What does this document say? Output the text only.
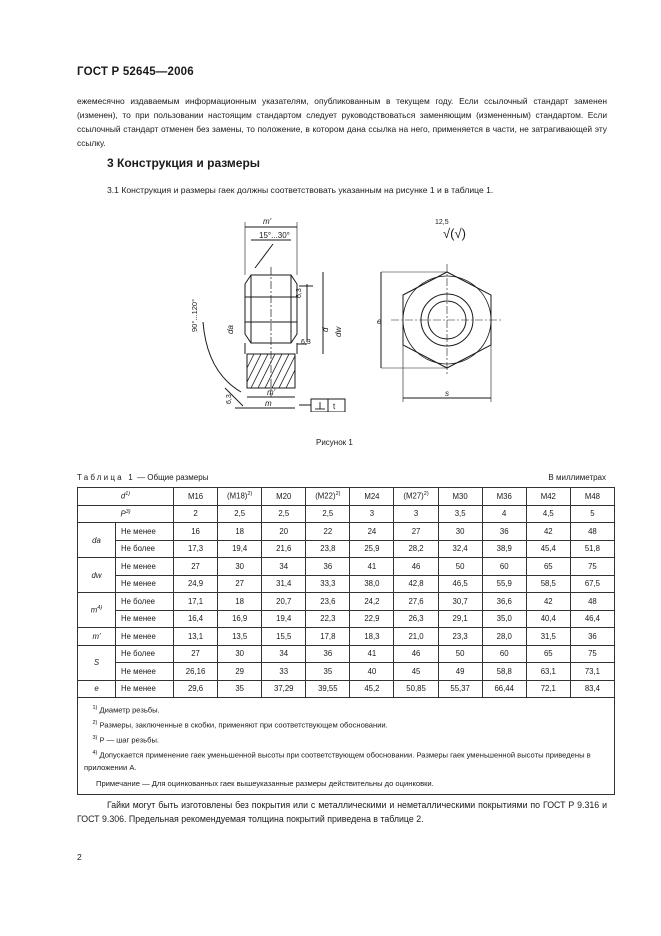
ГОСТ Р 52645—2006
ежемесячно издаваемым информационным указателям, опубликованным в текущем году. Если ссылочный стандарт заменен (изменен), то при пользовании настоящим стандартом следует руководствоваться заменяющим (измененным) стандартом. Если ссылочный стандарт отменен без замены, то положение, в котором дана ссылка на него, применяется в части, не затрагивающей эту ссылку.
3 Конструкция и размеры
3.1 Конструкция и размеры гаек должны соответствовать указанным на рисунке 1 и в таблице 1.
m'
15°...30°
12,5
√(√)
90°...120°
6,3
6,3
6,3
dа	d dw
e
s
m'
m	t
Рисунок 1
Таблица 1 — Общие размеры	В миллиметрах
$d^{1)}$		М16	$(М18)^{2)}$	М20	$(М22)^{2)}$	М24	$(М27)^{2)}$	М30	М36	М42	М48
$P^{3)}$		2	2,5	2,5	2,5	3	3	3,5	4	4,5	5
da	Не менее	16	18	20	22	24	27	30	36	42	48
	Не более	17,3	19,4	21,6	23,8	25,9	28,2	32,4	38,9	45,4	51,8
dw	Не менее	27	30	34	36	41	46	50	60	65	75
	Не менее	24,9	27	31,4	33,3	38,0	42,8	46,5	55,9	58,5	67,5
$m^{4)}$	Не более	17,1	18	20,7	23,6	24,2	27,6	30,7	36,6	42	48
	Не менее	16,4	16,9	19,4	22,3	22,9	26,3	29,1	35,0	40,4	46,4
m'	Не менее	13,1	13,5	15,5	17,8	18,3	21,0	23,3	28,0	31,5	36
S	Не более	27	30	34	36	41	46	50	60	65	75
	Не менее	26,16	29	33	35	40	45	49	58,8	63,1	73,1
e	Не менее	29,6	35	37,29	39,55	45,2	50,85	55,37	66,44	72,1	83,4

$^{1)}$ Диаметр резьбы.
$^{2)}$ Размеры, заключенные в скобки, применяют при соответствующем обосновании.
$^{3)}$ P — шаг резьбы.
$^{4)}$ Допускается применение гаек уменьшенной высоты при соответствующем обосновании. Размеры гаек уменьшенной высоты приведены в приложении А.
Примечание — Для оцинкованных гаек вышеуказанные размеры действительны до оцинковки.											
Гайки могут быть изготовлены без покрытия или с металлическими и неметаллическими покрытиями по ГОСТ Р 9.316 и ГОСТ 9.306. Предельная рекомендуемая толщина покрытий приведена в таблице 2.
2
